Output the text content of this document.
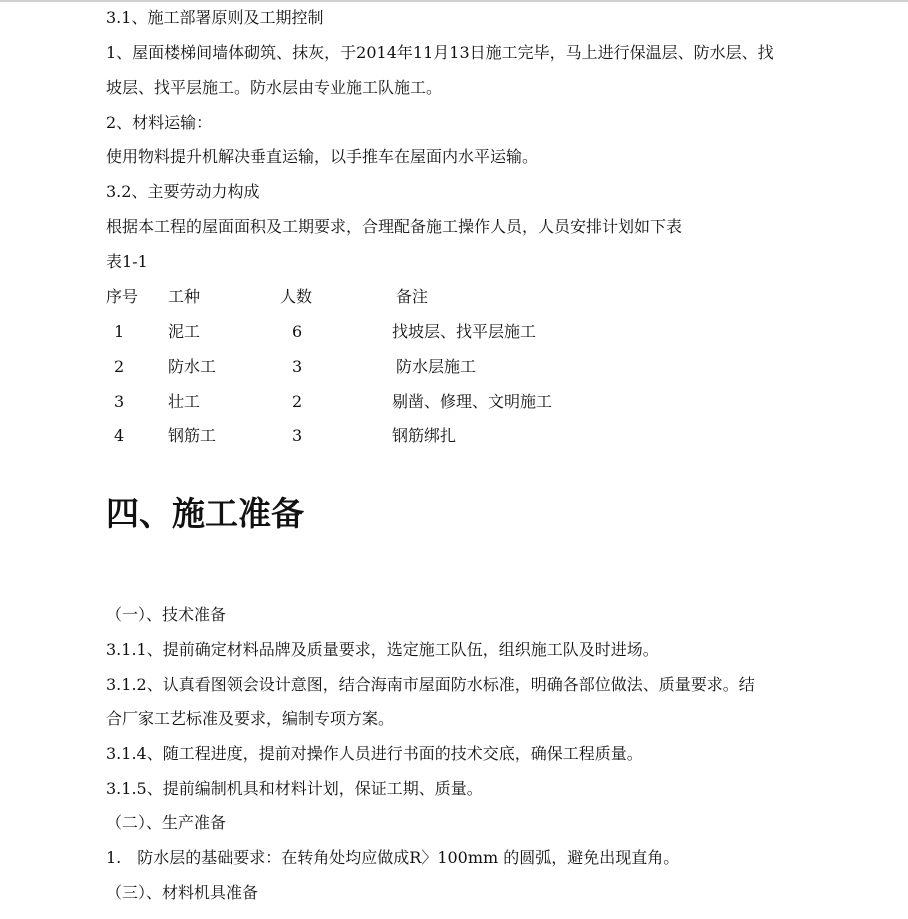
3.1、施工部署原则及工期控制
1、屋面楼梯间墙体砌筑、抹灰，于2014年11月13日施工完毕，马上进行保温层、防水层、找
坡层、找平层施工。防水层由专业施工队施工。
2、材料运输：
使用物料提升机解决垂直运输，以手推车在屋面内水平运输。
3.2、主要劳动力构成
根据本工程的屋面面积及工期要求，合理配备施工操作人员，人员安排计划如下表
表1-1
序号 工种	人数	备注
1	泥工	6	找坡层、找平层施工
2	防水工	3	防水层施工
3	壮工	2	剔凿、修理、文明施工
4	钢筋工	3	钢筋绑扎
四、施工准备
（一）、技术准备
3.1.1、提前确定材料品牌及质量要求，选定施工队伍，组织施工队及时进场。
3.1.2、认真看图领会设计意图，结合海南市屋面防水标准，明确各部位做法、质量要求。结
合厂家工艺标准及要求，编制专项方案。
3.1.4、随工程进度，提前对操作人员进行书面的技术交底，确保工程质量。
3.1.5、提前编制机具和材料计划，保证工期、质量。
（二）、生产准备
1.　防水层的基础要求：在转角处均应做成R〉100mm 的圆弧，避免出现直角。
（三）、材料机具准备
